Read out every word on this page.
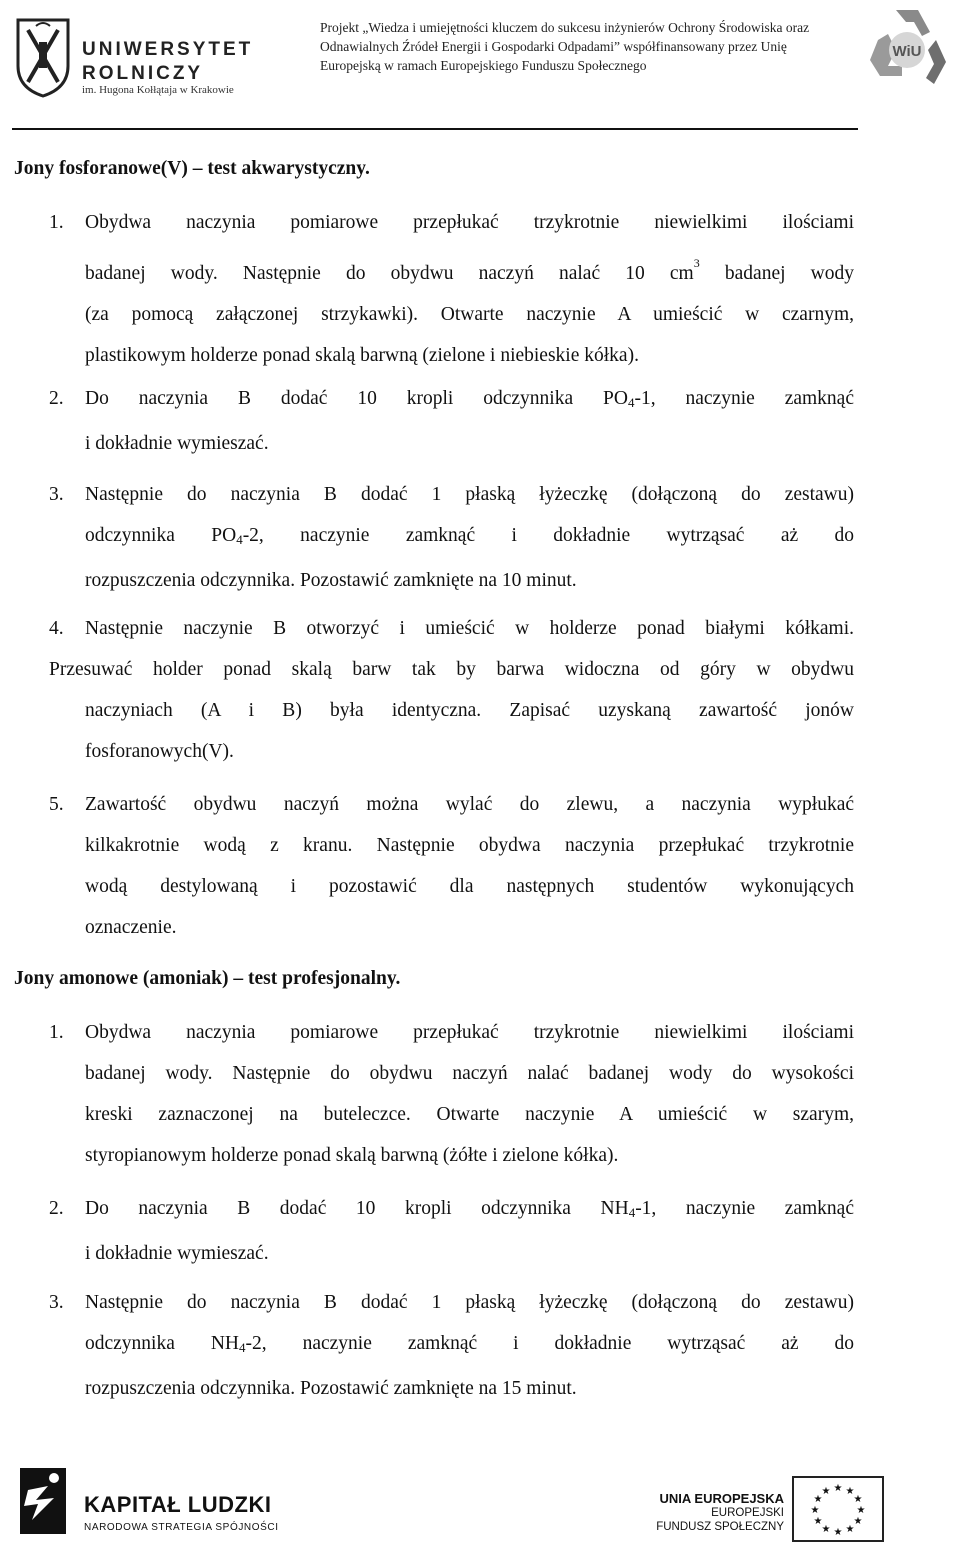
UNIWERSYTET
ROLNICZY
im. Hugona Kołłątaja w Krakowie
Projekt „Wiedza i umiejętności kluczem do sukcesu inżynierów Ochrony Środowiska oraz
Odnawialnych Źródeł Energii i Gospodarki Odpadami” współfinansowany przez Unię
Europejską w ramach Europejskiego Funduszu Społecznego
WiU
Jony fosforanowe(V) – test akwarystyczny.
1. Obydwa naczynia pomiarowe przepłukać trzykrotnie niewielkimi ilościami
badanej wody. Następnie do obydwu naczyń nalać 10 $cm^3$ badanej wody
(za pomocą załączonej strzykawki). Otwarte naczynie A umieścić w czarnym,
plastikowym holderze ponad skalą barwną (zielone i niebieskie kółka).
2. Do naczynia B dodać 10 kropli odczynnika $PO_4-1$, naczynie zamknąć
i dokładnie wymieszać.
3. Następnie do naczynia B dodać 1 płaską łyżeczkę (dołączoną do zestawu)
odczynnika $PO_4-2$, naczynie zamknąć i dokładnie wytrząsać aż do
rozpuszczenia odczynnika. Pozostawić zamknięte na 10 minut.
4. Następnie naczynie B otworzyć i umieścić w holderze ponad białymi kółkami.
Przesuwać holder ponad skalą barw tak by barwa widoczna od góry w obydwu
naczyniach (A i B) była identyczna. Zapisać uzyskaną zawartość jonów
fosforanowych(V).
5. Zawartość obydwu naczyń można wylać do zlewu, a naczynia wypłukać
kilkakrotnie wodą z kranu. Następnie obydwa naczynia przepłukać trzykrotnie
wodą destylowaną i pozostawić dla następnych studentów wykonujących
oznaczenie.
Jony amonowe (amoniak) – test profesjonalny.
1. Obydwa naczynia pomiarowe przepłukać trzykrotnie niewielkimi ilościami
badanej wody. Następnie do obydwu naczyń nalać badanej wody do wysokości
kreski zaznaczonej na buteleczce. Otwarte naczynie A umieścić w szarym,
styropianowym holderze ponad skalą barwną (żółte i zielone kółka).
2. Do naczynia B dodać 10 kropli odczynnika $NH_4-1$, naczynie zamknąć
i dokładnie wymieszać.
3. Następnie do naczynia B dodać 1 płaską łyżeczkę (dołączoną do zestawu)
odczynnika $NH_4-2$, naczynie zamknąć i dokładnie wytrząsać aż do
rozpuszczenia odczynnika. Pozostawić zamknięte na 15 minut.
KAPITAŁ LUDZKI
NARODOWA STRATEGIA SPÓJNOŚCI
UNIA EUROPEJSKA
EUROPEJSKI
FUNDUSZ SPOŁECZNY
★ ★
★
★
★
★
★
★
★
★
★
★
